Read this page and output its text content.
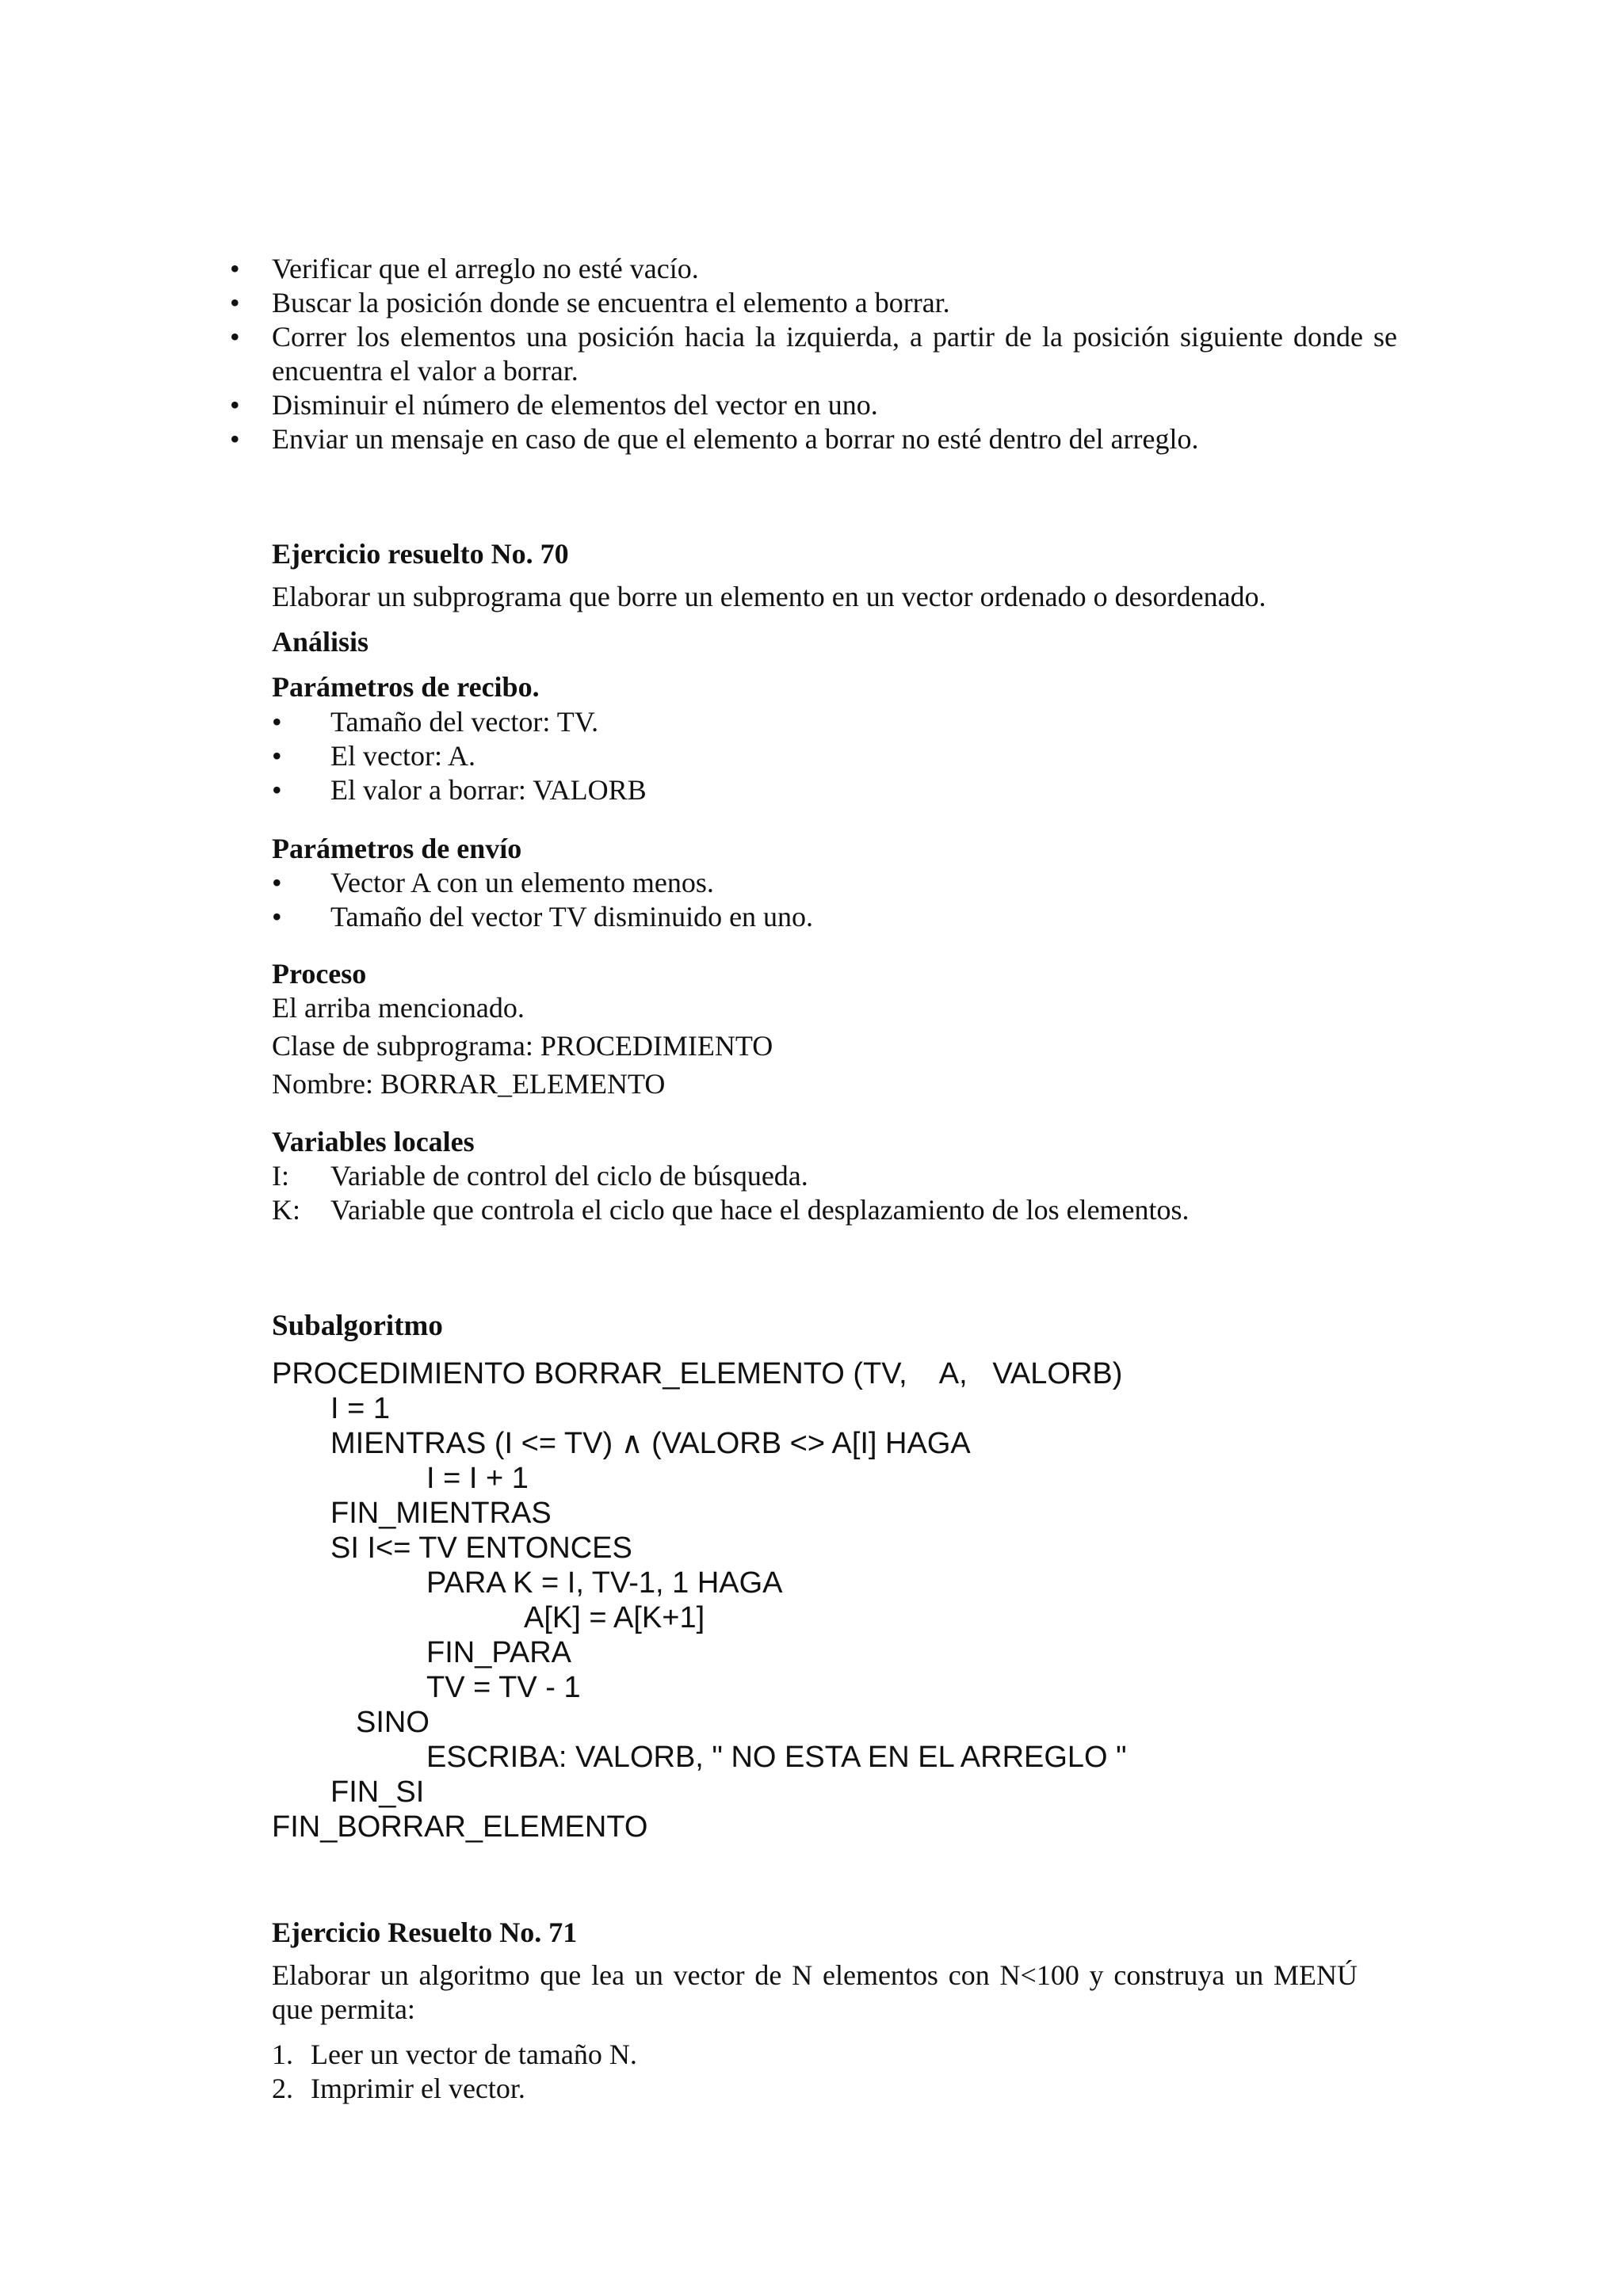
• Verificar que el arreglo no esté vacío.
• Buscar la posición donde se encuentra el elemento a borrar.
• Correr los elementos una posición hacia la izquierda, a partir de la posición siguiente donde se encuentra el valor a borrar.
• Disminuir el número de elementos del vector en uno.
• Enviar un mensaje en caso de que el elemento a borrar no esté dentro del arreglo.

Ejercicio resuelto No. 70

Elaborar un subprograma que borre un elemento en un vector ordenado o desordenado.

Análisis

Parámetros de recibo.

• Tamaño del vector: TV.
• El vector: A.
• El valor a borrar: VALORB

Parámetros de envío

• Vector A con un elemento menos.
• Tamaño del vector TV disminuido en uno.

Proceso

El arriba mencionado.

Clase de subprograma: PROCEDIMIENTO

Nombre: BORRAR_ELEMENTO

Variables locales

I: Variable de control del ciclo de búsqueda.
K: Variable que controla el ciclo que hace el desplazamiento de los elementos.

Subalgoritmo

PROCEDIMIENTO BORRAR_ELEMENTO (TV,    A,   VALORB)
I = 1
MIENTRAS (I <= TV) ∧ (VALORB <> A[I] HAGA
I = I + 1
FIN_MIENTRAS
SI I<= TV ENTONCES
PARA K = I, TV-1, 1 HAGA
A[K] = A[K+1]
FIN_PARA
TV = TV - 1
SINO
ESCRIBA: VALORB, " NO ESTA EN EL ARREGLO "
FIN_SI
FIN_BORRAR_ELEMENTO

Ejercicio Resuelto No. 71

Elaborar un algoritmo que lea un vector de N elementos con N<100 y construya un MENÚ que permita:

1. Leer un vector de tamaño N.
2. Imprimir el vector.
